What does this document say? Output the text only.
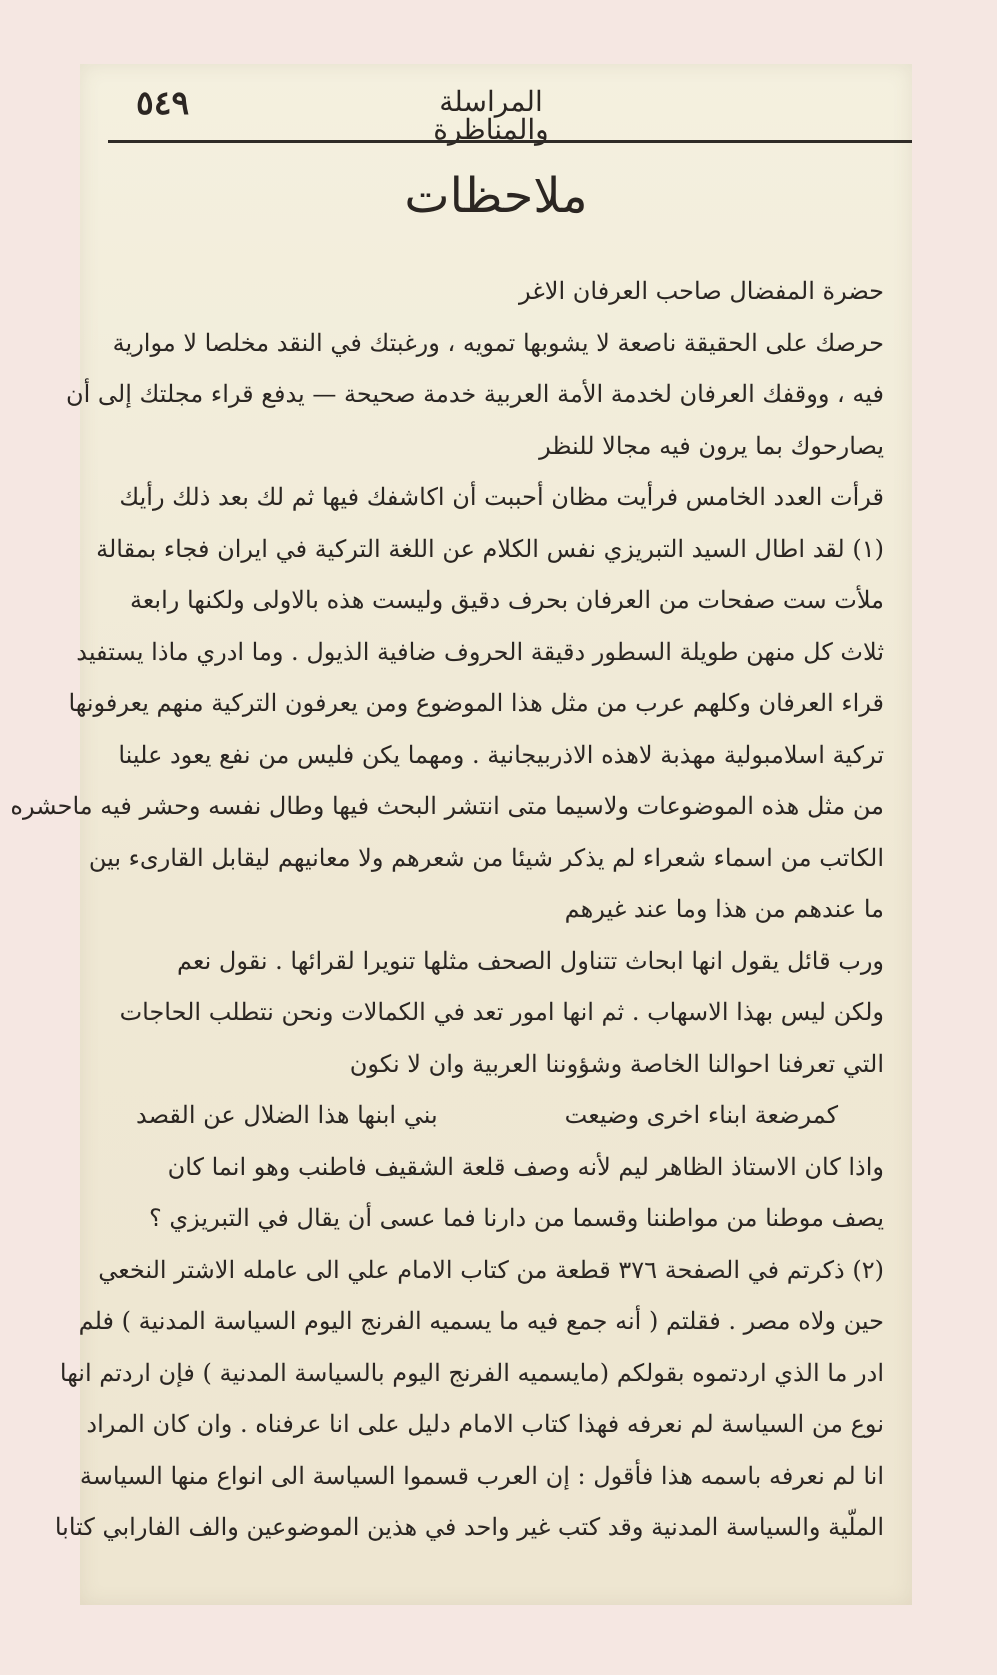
٥٤٩	المراسلة والمناظرة
ملاحظات
حضرة المفضال صاحب العرفان الاغر
حرصك على الحقيقة ناصعة لا يشوبها تمويه ، ورغبتك في النقد مخلصا لا موارية
فيه ، ووقفك العرفان لخدمة الأمة العربية خدمة صحيحة — يدفع قراء مجلتك إلى أن
يصارحوك بما يرون فيه مجالا للنظر
قرأت العدد الخامس فرأيت مظان أحببت أن اكاشفك فيها ثم لك بعد ذلك رأيك
(١) لقد اطال السيد التبريزي نفس الكلام عن اللغة التركية في ايران فجاء بمقالة
ملأت ست صفحات من العرفان بحرف دقيق وليست هذه بالاولى ولكنها رابعة
ثلاث كل منهن طويلة السطور دقيقة الحروف ضافية الذيول . وما ادري ماذا يستفيد
قراء العرفان وكلهم عرب من مثل هذا الموضوع ومن يعرفون التركية منهم يعرفونها
تركية اسلامبولية مهذبة لاهذه الاذربيجانية . ومهما يكن فليس من نفع يعود علينا
من مثل هذه الموضوعات ولاسيما متى انتشر البحث فيها وطال نفسه وحشر فيه ماحشره
الكاتب من اسماء شعراء لم يذكر شيئا من شعرهم ولا معانيهم ليقابل القارىء بين
ما عندهم من هذا وما عند غيرهم
ورب قائل يقول انها ابحاث تتناول الصحف مثلها تنويرا لقرائها . نقول نعم
ولكن ليس بهذا الاسهاب . ثم انها امور تعد في الكمالات ونحن نتطلب الحاجات
التي تعرفنا احوالنا الخاصة وشؤوننا العربية وان لا نكون
كمرضعة ابناء اخرى وضيعت
بني ابنها هذا الضلال عن القصد
واذا كان الاستاذ الظاهر ليم لأنه وصف قلعة الشقيف فاطنب وهو انما كان
يصف موطنا من مواطننا وقسما من دارنا فما عسى أن يقال في التبريزي ؟
(٢) ذكرتم في الصفحة ٣٧٦ قطعة من كتاب الامام علي الى عامله الاشتر النخعي
حين ولاه مصر . فقلتم ( أنه جمع فيه ما يسميه الفرنج اليوم السياسة المدنية ) فلم
ادر ما الذي اردتموه بقولكم (مايسميه الفرنج اليوم بالسياسة المدنية ) فإن اردتم انها
نوع من السياسة لم نعرفه فهذا كتاب الامام دليل على انا عرفناه . وان كان المراد
انا لم نعرفه باسمه هذا فأقول : إن العرب قسموا السياسة الى انواع منها السياسة
الملّية والسياسة المدنية وقد كتب غير واحد في هذين الموضوعين والف الفارابي كتابا
